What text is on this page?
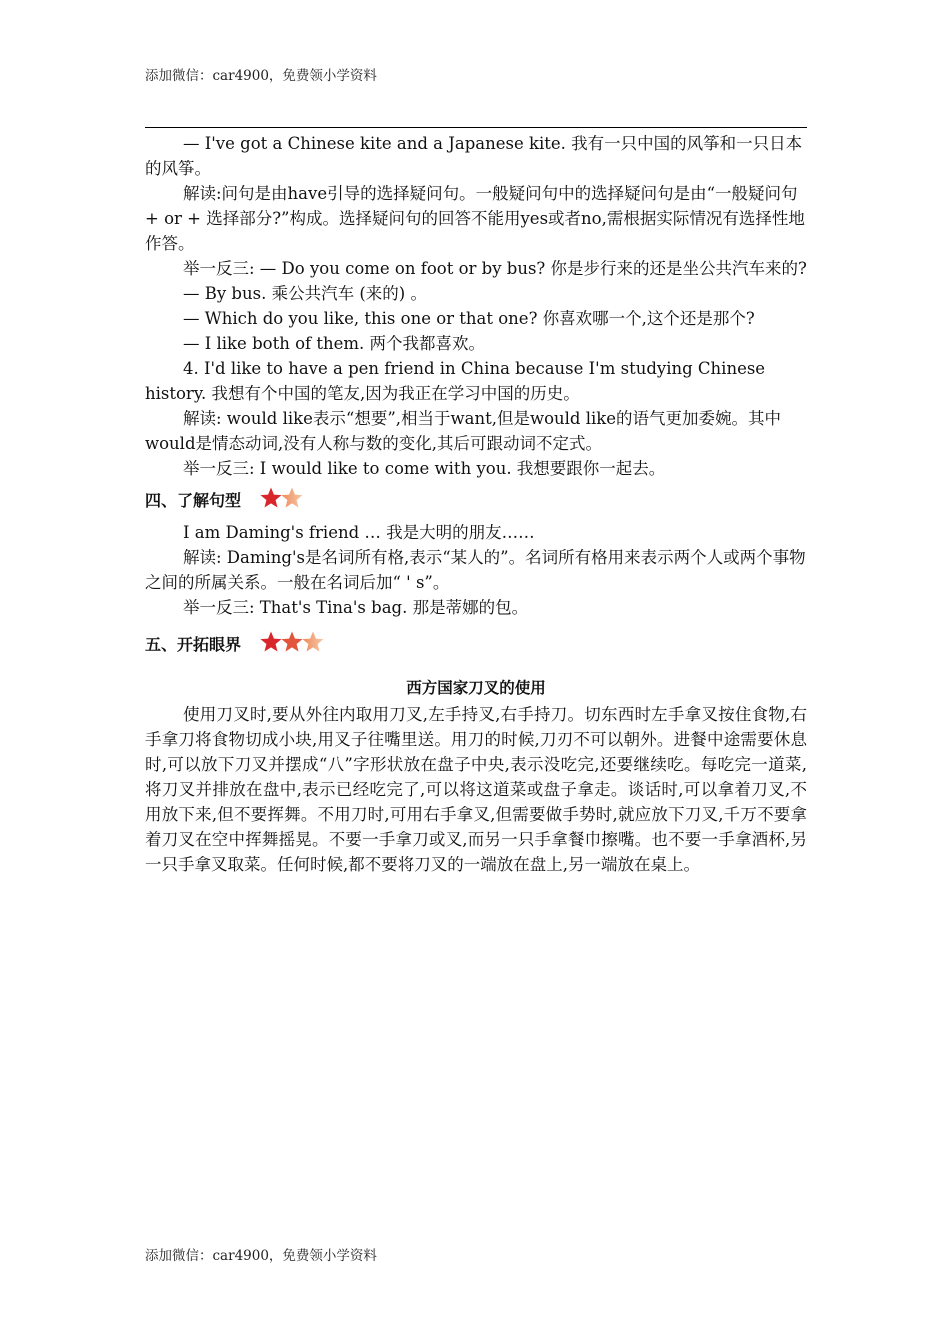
添加微信：car4900，免费领小学资料

— I've got a Chinese kite and a Japanese kite. 我有一只中国的风筝和一只日本的风筝。

解读:问句是由have引导的选择疑问句。一般疑问句中的选择疑问句是由“一般疑问句 + or + 选择部分?”构成。选择疑问句的回答不能用yes或者no,需根据实际情况有选择性地作答。

举一反三: — Do you come on foot or by bus? 你是步行来的还是坐公共汽车来的?

— By bus. 乘公共汽车 (来的) 。

— Which do you like, this one or that one? 你喜欢哪一个,这个还是那个?

— I like both of them. 两个我都喜欢。

4. I'd like to have a pen friend in China because I'm studying Chinese history. 我想有个中国的笔友,因为我正在学习中国的历史。

解读: would like表示“想要”,相当于want,但是would like的语气更加委婉。其中would是情态动词,没有人称与数的变化,其后可跟动词不定式。

举一反三: I would like to come with you. 我想要跟你一起去。

四、了解句型

I am Daming's friend … 我是大明的朋友……

解读: Daming's是名词所有格,表示“某人的”。名词所有格用来表示两个人或两个事物之间的所属关系。一般在名词后加“ ' s”。

举一反三: That's Tina's bag. 那是蒂娜的包。

五、开拓眼界
西方国家刀叉的使用

使用刀叉时,要从外往内取用刀叉,左手持叉,右手持刀。切东西时左手拿叉按住食物,右手拿刀将食物切成小块,用叉子往嘴里送。用刀的时候,刀刃不可以朝外。进餐中途需要休息时,可以放下刀叉并摆成“八”字形状放在盘子中央,表示没吃完,还要继续吃。每吃完一道菜,将刀叉并排放在盘中,表示已经吃完了,可以将这道菜或盘子拿走。谈话时,可以拿着刀叉,不用放下来,但不要挥舞。不用刀时,可用右手拿叉,但需要做手势时,就应放下刀叉,千万不要拿着刀叉在空中挥舞摇晃。不要一手拿刀或叉,而另一只手拿餐巾擦嘴。也不要一手拿酒杯,另一只手拿叉取菜。任何时候,都不要将刀叉的一端放在盘上,另一端放在桌上。

添加微信：car4900，免费领小学资料
